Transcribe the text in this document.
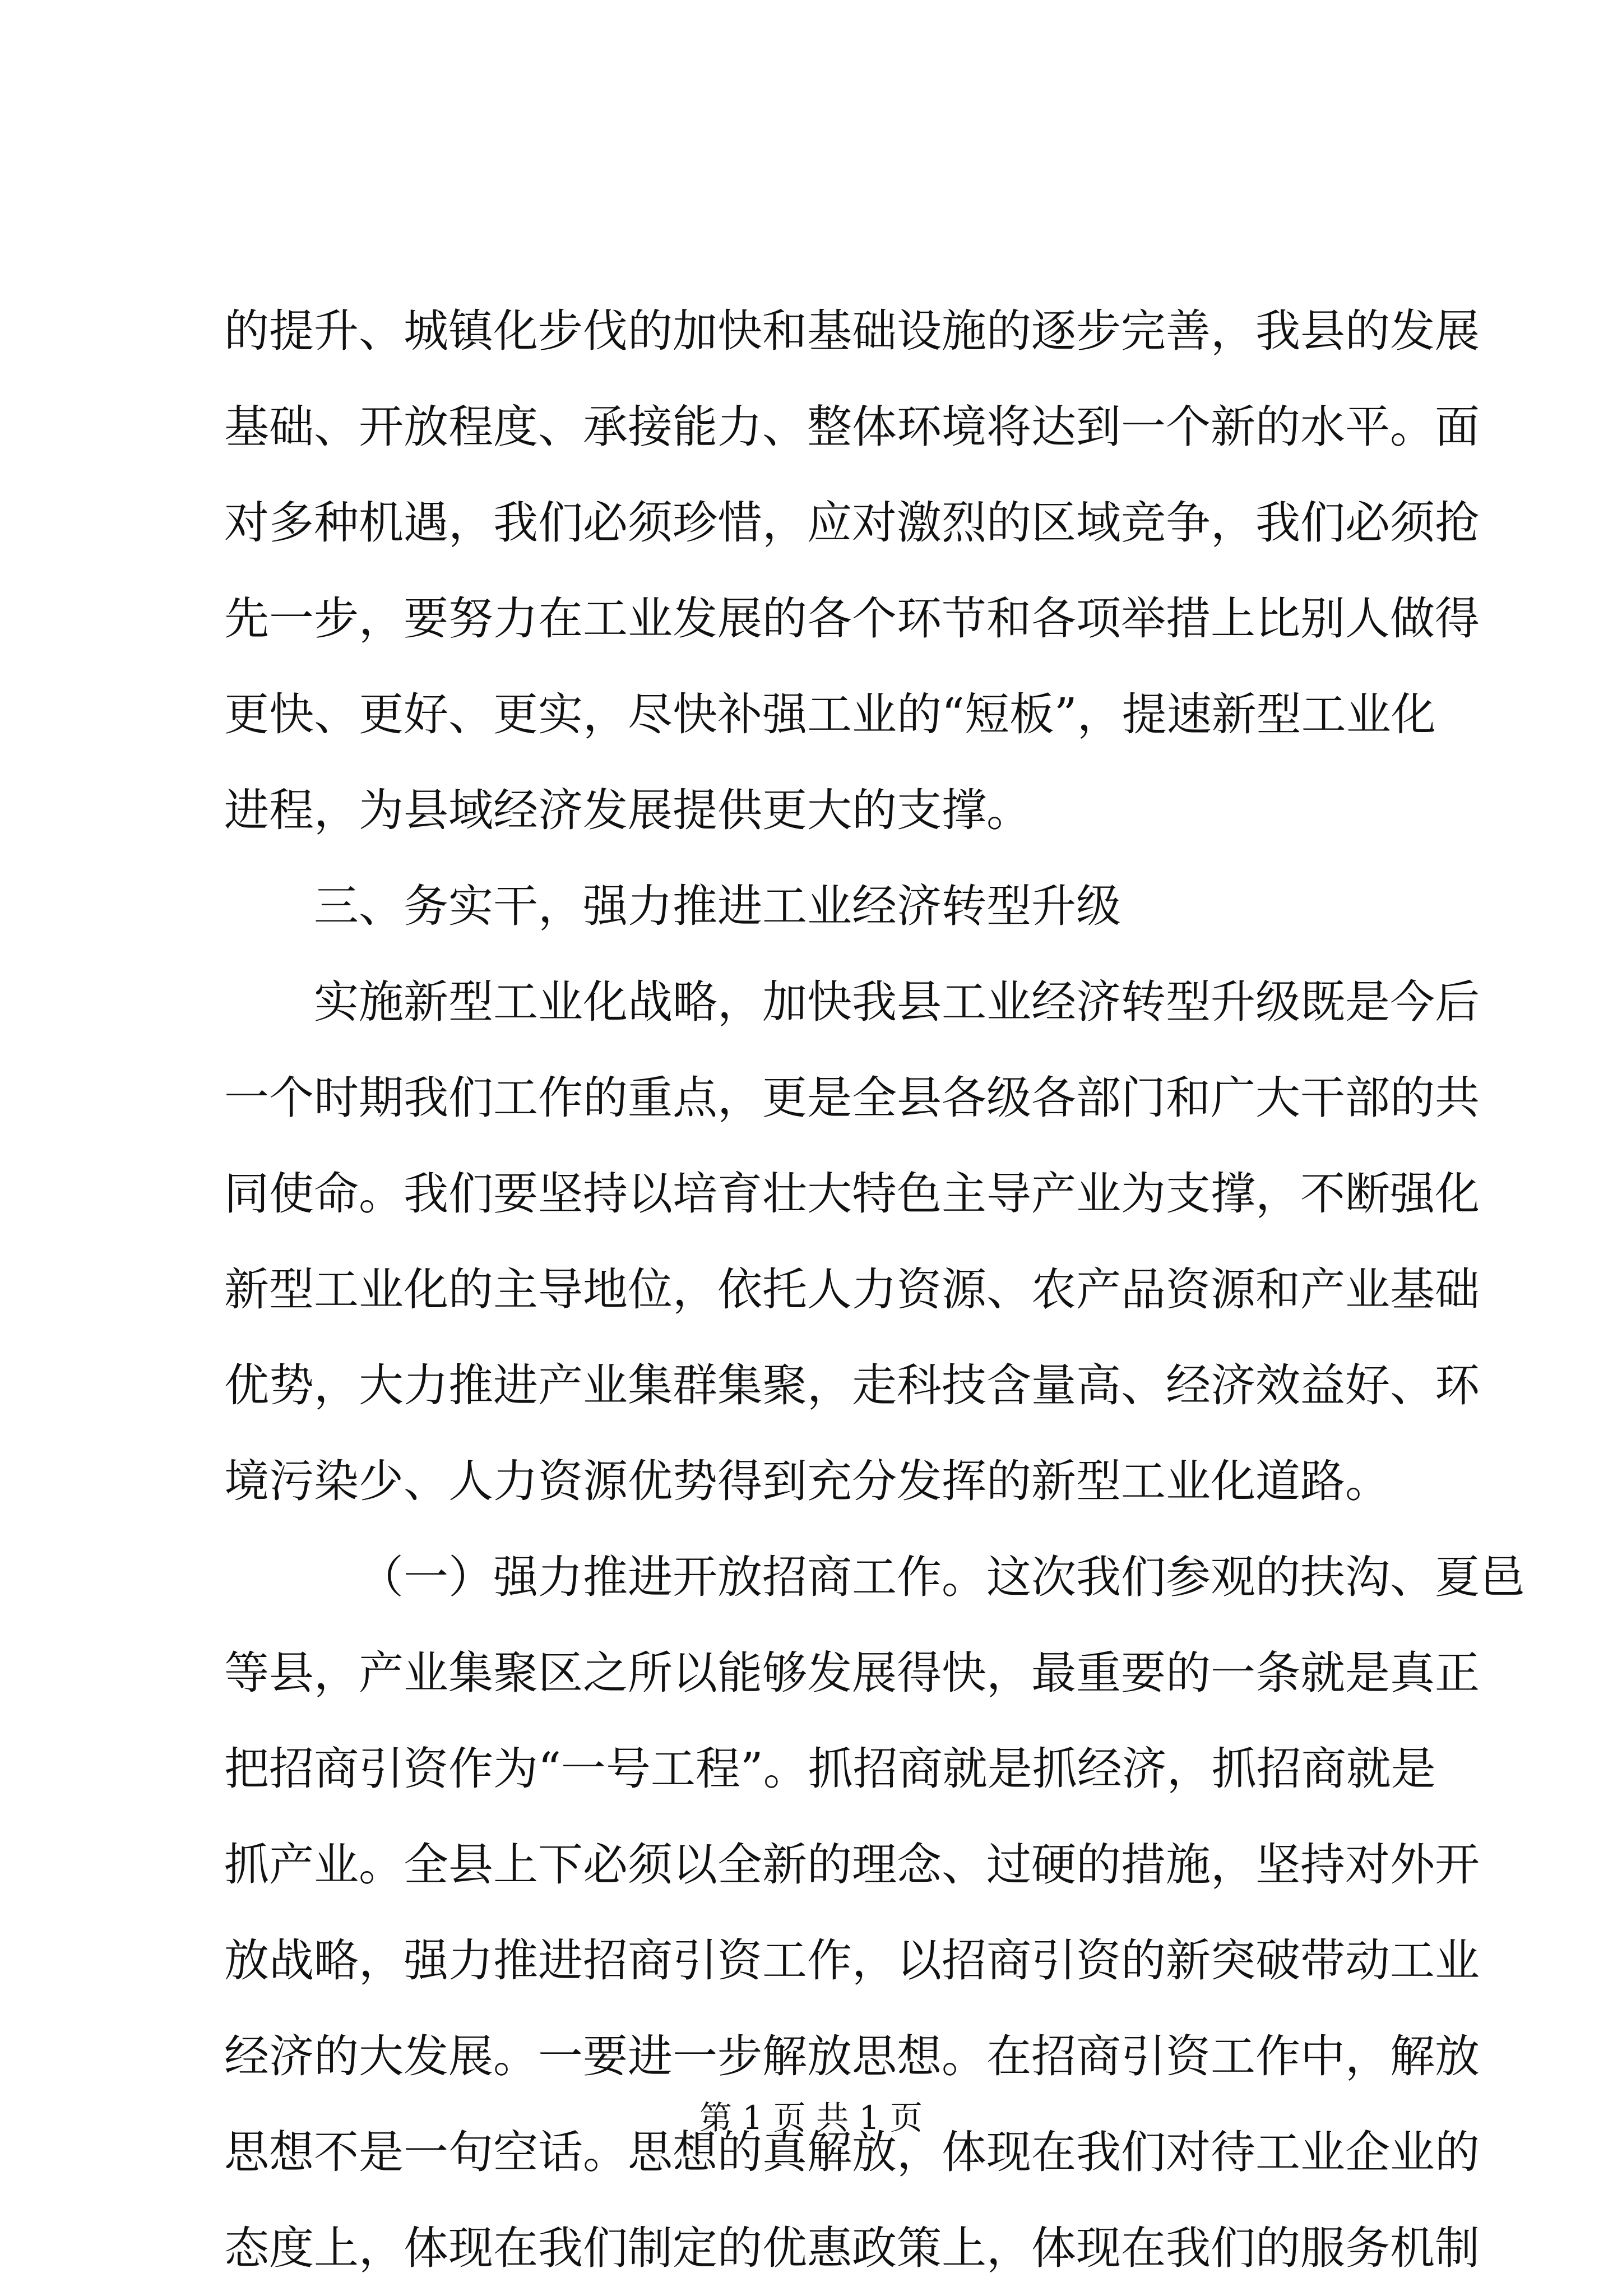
的提升、城镇化步伐的加快和基础设施的逐步完善，我县的发展
基础、开放程度、承接能力、整体环境将达到一个新的水平。面
对多种机遇，我们必须珍惜，应对激烈的区域竞争，我们必须抢
先一步，要努力在工业发展的各个环节和各项举措上比别人做得
更快、更好、更实，尽快补强工业的“短板”，提速新型工业化
进程，为县域经济发展提供更大的支撑。
三、务实干，强力推进工业经济转型升级
实施新型工业化战略，加快我县工业经济转型升级既是今后
一个时期我们工作的重点，更是全县各级各部门和广大干部的共
同使命。我们要坚持以培育壮大特色主导产业为支撑，不断强化
新型工业化的主导地位，依托人力资源、农产品资源和产业基础
优势，大力推进产业集群集聚，走科技含量高、经济效益好、环
境污染少、人力资源优势得到充分发挥的新型工业化道路。
（一）强力推进开放招商工作。这次我们参观的扶沟、夏邑
等县，产业集聚区之所以能够发展得快，最重要的一条就是真正
把招商引资作为“一号工程”。抓招商就是抓经济，抓招商就是
抓产业。全县上下必须以全新的理念、过硬的措施，坚持对外开
放战略，强力推进招商引资工作，以招商引资的新突破带动工业
经济的大发展。一要进一步解放思想。在招商引资工作中，解放
思想不是一句空话。思想的真解放，体现在我们对待工业企业的
态度上，体现在我们制定的优惠政策上，体现在我们的服务机制
第 1 页 共 1 页
